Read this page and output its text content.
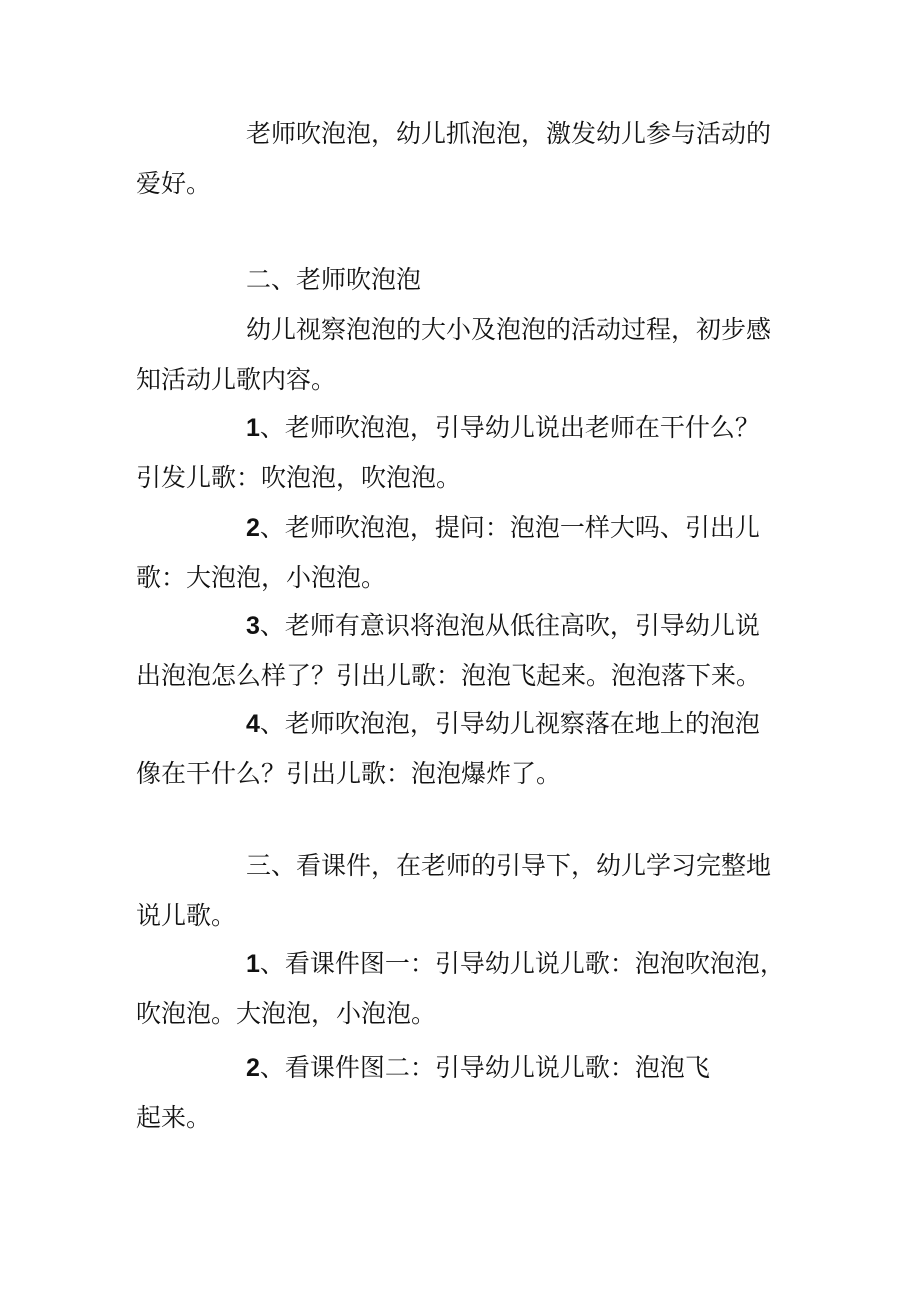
老师吹泡泡，幼儿抓泡泡，激发幼儿参与活动的
爱好。
二、老师吹泡泡
幼儿视察泡泡的大小及泡泡的活动过程，初步感
知活动儿歌内容。
1、老师吹泡泡，引导幼儿说出老师在干什么？
引发儿歌：吹泡泡，吹泡泡。
2、老师吹泡泡，提问：泡泡一样大吗、引出儿
歌：大泡泡，小泡泡。
3、老师有意识将泡泡从低往高吹，引导幼儿说
出泡泡怎么样了？引出儿歌：泡泡飞起来。泡泡落下来。
4、老师吹泡泡，引导幼儿视察落在地上的泡泡
像在干什么？引出儿歌：泡泡爆炸了。
三、看课件，在老师的引导下，幼儿学习完整地
说儿歌。
1、看课件图一：引导幼儿说儿歌：泡泡吹泡泡，
吹泡泡。大泡泡，小泡泡。
2、看课件图二：引导幼儿说儿歌：泡泡飞
起来。
